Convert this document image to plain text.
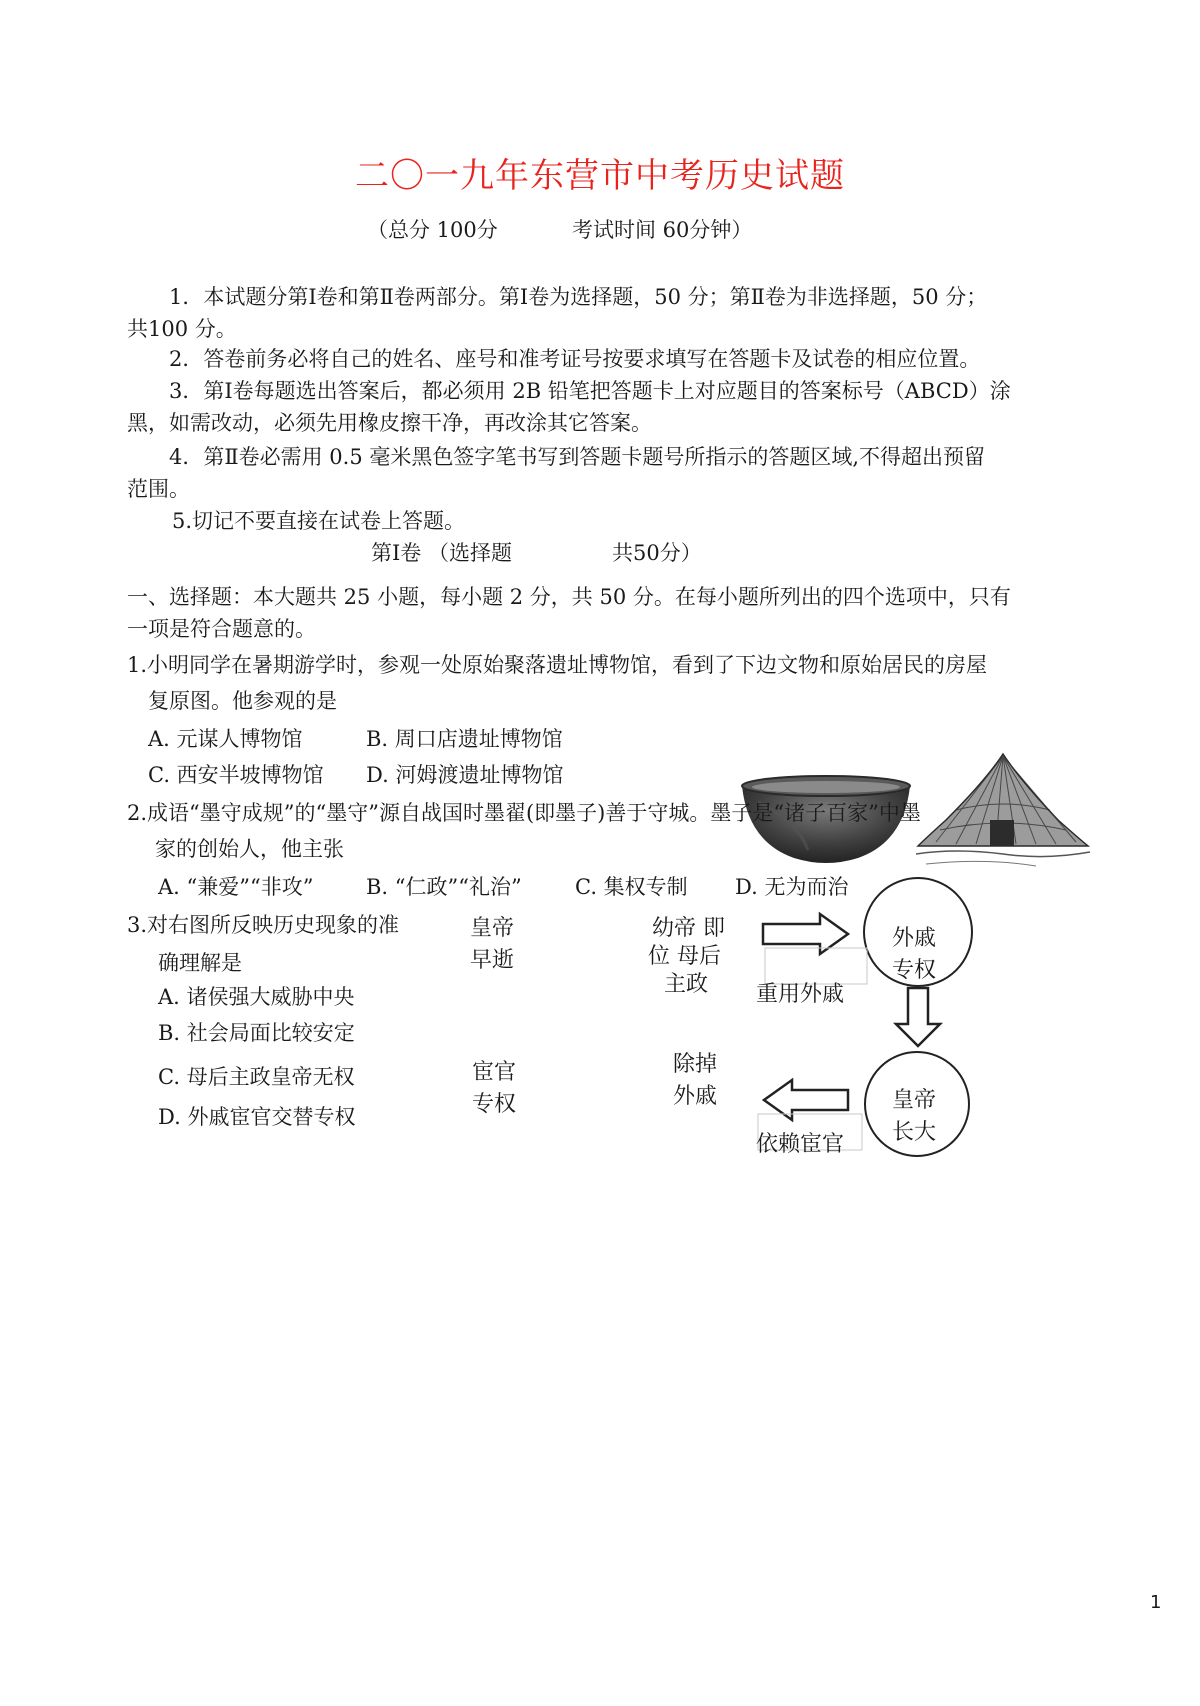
二〇一九年东营市中考历史试题
（总分 100分	考试时间 60分钟）
1．本试题分第Ⅰ卷和第Ⅱ卷两部分。第Ⅰ卷为选择题，50 分；第Ⅱ卷为非选择题，50 分；
共100 分。
2．答卷前务必将自己的姓名、座号和准考证号按要求填写在答题卡及试卷的相应位置。
3．第Ⅰ卷每题选出答案后，都必须用 2B 铅笔把答题卡上对应题目的答案标号（ABCD）涂
黑，如需改动，必须先用橡皮擦干净，再改涂其它答案。
4．第Ⅱ卷必需用 0.5 毫米黑色签字笔书写到答题卡题号所指示的答题区域,不得超出预留
范围。
5.切记不要直接在试卷上答题。
第Ⅰ卷 （选择题	共50分）
一、选择题：本大题共 25 小题，每小题 2 分，共 50 分。在每小题所列出的四个选项中，只有
一项是符合题意的。
1.小明同学在暑期游学时，参观一处原始聚落遗址博物馆，看到了下边文物和原始居民的房屋
复原图。他参观的是
A. 元谋人博物馆	B. 周口店遗址博物馆
C. 西安半坡博物馆 D. 河姆渡遗址博物馆
2.成语“墨守成规”的“墨守”源自战国时墨翟(即墨子)善于守城。墨子是“诸子百家”中墨
家的创始人，他主张
A. “兼爱”“非攻”	B. “仁政”“礼治”	C. 集权专制 D. 无为而治
3.对右图所反映历史现象的准
确理解是
A. 诸侯强大威胁中央
B. 社会局面比较安定
C. 母后主政皇帝无权
D. 外戚宦官交替专权
皇帝
早逝
幼帝 即
位 母后
主政 重用外戚
外戚
专权
皇帝
长大
除掉
外戚
依赖宦官
宦官
专权
1
